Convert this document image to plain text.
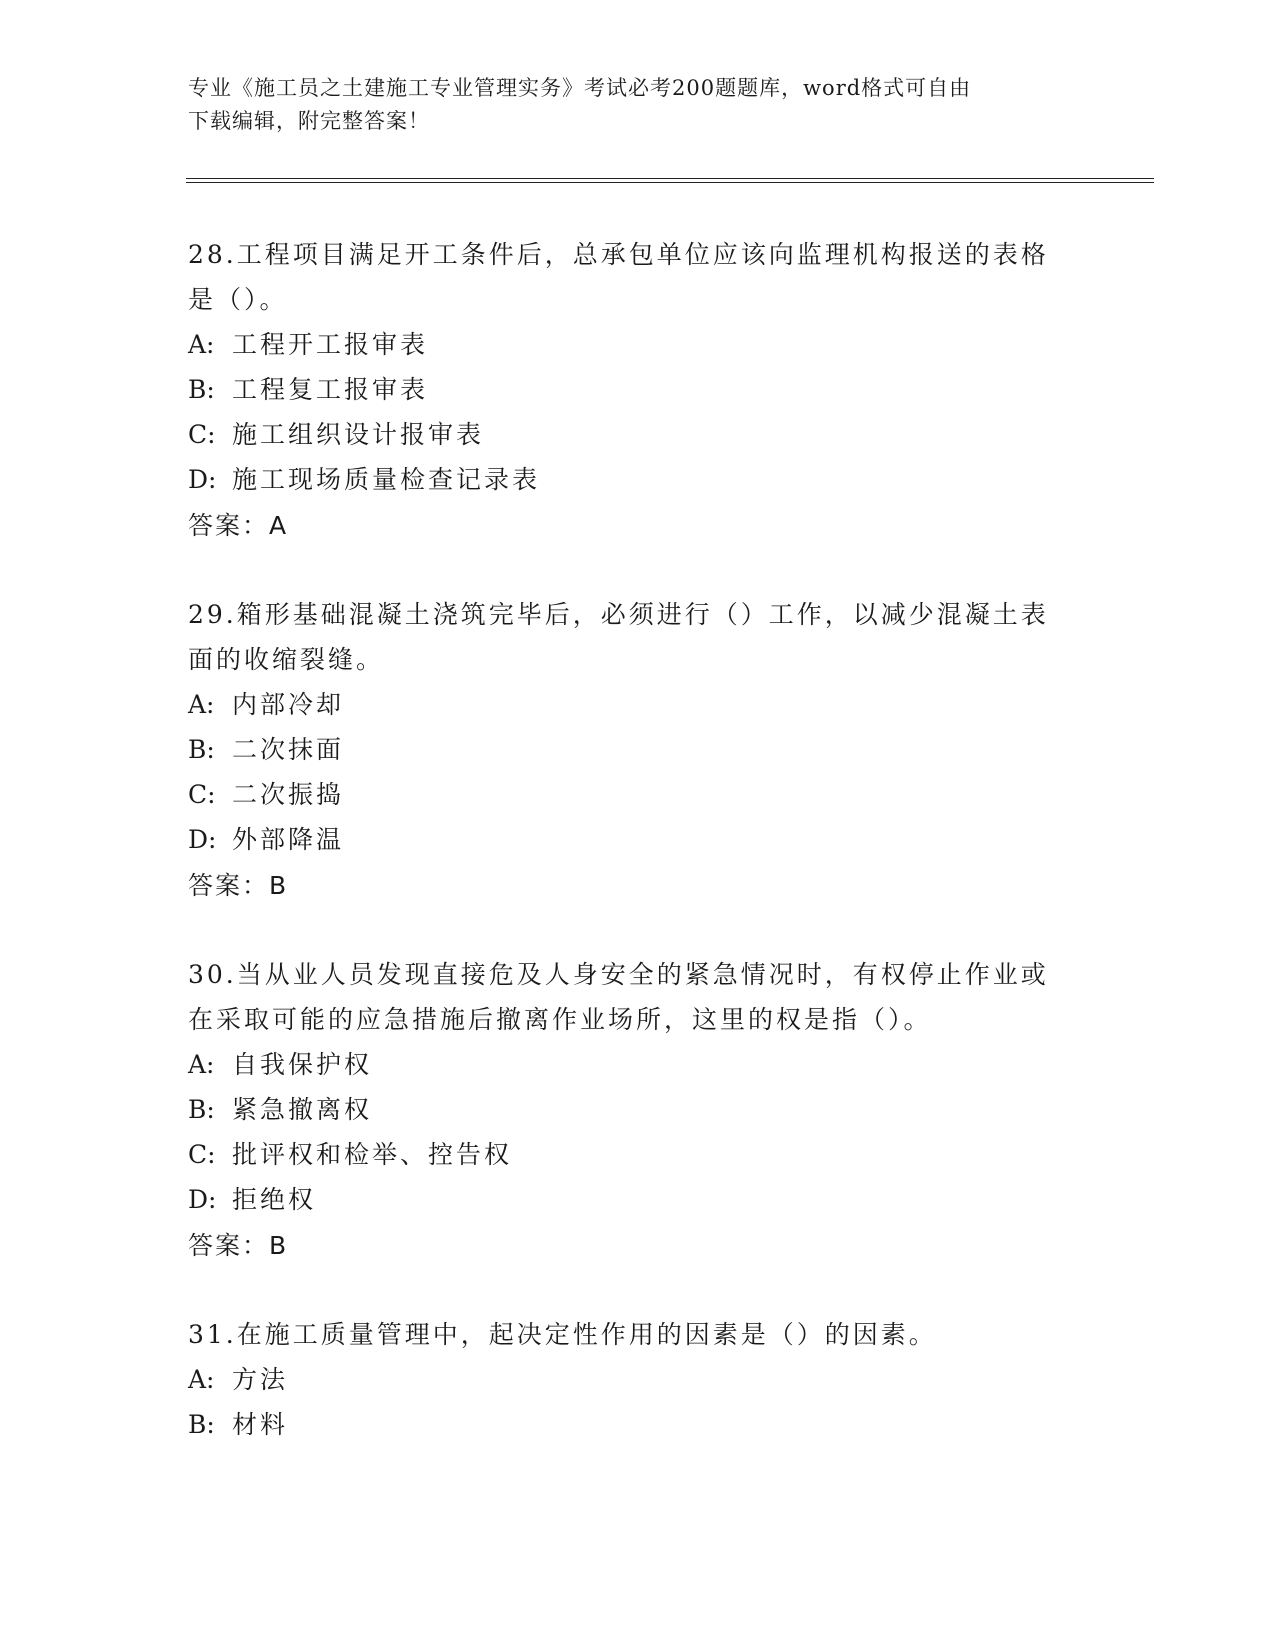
专业《施工员之土建施工专业管理实务》考试必考200题题库，word格式可自由
下载编辑，附完整答案！
28.工程项目满足开工条件后，总承包单位应该向监理机构报送的表格
是（）。
A: 工程开工报审表
B: 工程复工报审表
C: 施工组织设计报审表
D: 施工现场质量检查记录表
答案：A
29.箱形基础混凝土浇筑完毕后，必须进行（）工作，以减少混凝土表
面的收缩裂缝。
A: 内部冷却
B: 二次抹面
C: 二次振捣
D: 外部降温
答案：B
30.当从业人员发现直接危及人身安全的紧急情况时，有权停止作业或
在采取可能的应急措施后撤离作业场所，这里的权是指（）。
A: 自我保护权
B: 紧急撤离权
C: 批评权和检举、控告权
D: 拒绝权
答案：B
31.在施工质量管理中，起决定性作用的因素是（）的因素。
A: 方法
B: 材料
